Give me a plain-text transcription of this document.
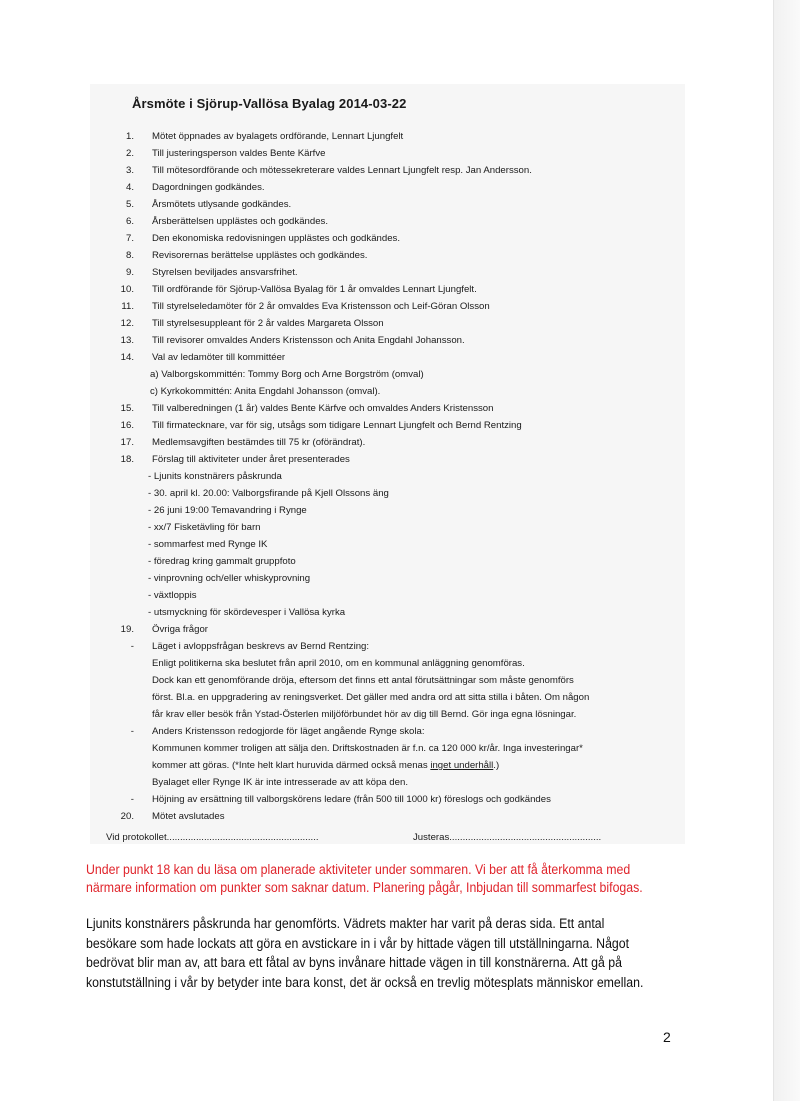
Årsmöte i Sjörup-Vallösa Byalag 2014-03-22
1. Mötet öppnades av byalagets ordförande, Lennart Ljungfelt
2. Till justeringsperson valdes Bente Kärfve
3. Till mötesordförande och mötessekreterare valdes Lennart Ljungfelt resp. Jan Andersson.
4. Dagordningen godkändes.
5. Årsmötets utlysande godkändes.
6. Årsberättelsen upplästes och godkändes.
7. Den ekonomiska redovisningen upplästes och godkändes.
8. Revisorernas berättelse upplästes och godkändes.
9. Styrelsen beviljades ansvarsfrihet.
10. Till ordförande för Sjörup-Vallösa Byalag för 1 år omvaldes Lennart Ljungfelt.
11. Till styrelseledamöter för 2 år omvaldes Eva Kristensson och Leif-Göran Olsson
12. Till styrelsesuppleant för 2 år valdes Margareta Olsson
13. Till revisorer omvaldes Anders Kristensson och Anita Engdahl Johansson.
14. Val av ledamöter till kommittéer
a) Valborgskommittén: Tommy Borg och Arne Borgström (omval)
c) Kyrkokommittén: Anita Engdahl Johansson (omval).
15. Till valberedningen (1 år) valdes Bente Kärfve och omvaldes Anders Kristensson
16. Till firmatecknare, var för sig, utsågs som tidigare Lennart Ljungfelt och Bernd Rentzing
17. Medlemsavgiften bestämdes till 75 kr (oförändrat).
18. Förslag till aktiviteter under året presenterades
- Ljunits konstnärers påskrunda
- 30. april kl. 20.00: Valborgsfirande på Kjell Olssons äng
- 26 juni 19:00 Temavandring i Rynge
- xx/7 Fisketävling för barn
- sommarfest med Rynge IK
- föredrag kring gammalt gruppfoto
- vinprovning och/eller whiskyprovning
- växtloppis
- utsmyckning för skördevesper i Vallösa kyrka
19. Övriga frågor
- Läget i avloppsfrågan beskrevs av Bernd Rentzing:
Enligt politikerna ska beslutet från april 2010, om en kommunal anläggning genomföras.
Dock kan ett genomförande dröja, eftersom det finns ett antal förutsättningar som måste genomförs
först. Bl.a. en uppgradering av reningsverket. Det gäller med andra ord att sitta stilla i båten. Om någon
får krav eller besök från Ystad-Österlen miljöförbundet hör av dig till Bernd. Gör inga egna lösningar.
- Anders Kristensson redogjorde för läget angående Rynge skola:
Kommunen kommer troligen att sälja den. Driftskostnaden är f.n. ca 120 000 kr/år. Inga investeringar*
kommer att göras. (*Inte helt klart huruvida därmed också menas inget underhåll.)
Byalaget eller Rynge IK är inte intresserade av att köpa den.
- Höjning av ersättning till valborgskörens ledare (från 500 till 1000 kr) föreslogs och godkändes
20. Mötet avslutades
Vid protokollet.........................................................	Justeras.........................................................
Under punkt 18 kan du läsa om planerade aktiviteter under sommaren. Vi ber att få återkomma med
närmare information om punkter som saknar datum. Planering pågår, Inbjudan till sommarfest bifogas.
Ljunits konstnärers påskrunda har genomförts. Vädrets makter har varit på deras sida. Ett antal
besökare som hade lockats att göra en avstickare in i vår by hittade vägen till utställningarna. Något
bedrövat blir man av, att bara ett fåtal av byns invånare hittade vägen in till konstnärerna. Att gå på
konstutställning i vår by betyder inte bara konst, det är också en trevlig mötesplats människor emellan.
2
